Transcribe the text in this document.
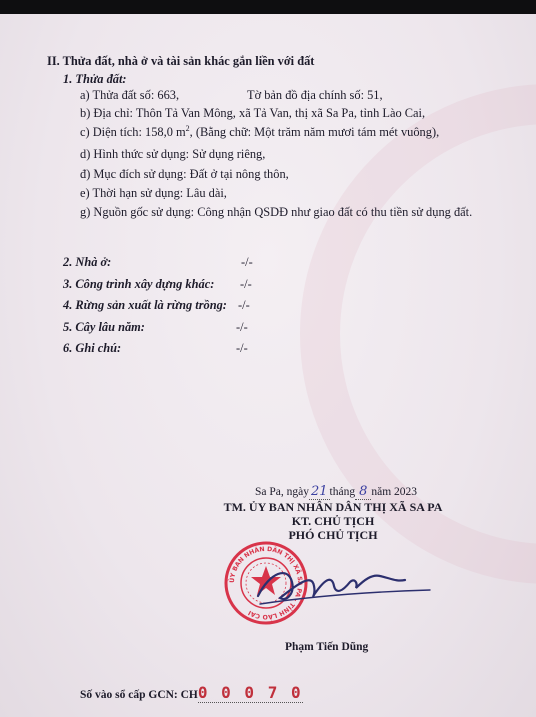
II. Thửa đất, nhà ở và tài sản khác gắn liền với đất
1. Thửa đất:
a) Thửa đất số: 663,	Tờ bản đồ địa chính số: 51,
b) Địa chỉ: Thôn Tả Van Mông, xã Tả Van, thị xã Sa Pa, tỉnh Lào Cai,
c) Diện tích: 158,0 $m^2$, (Bằng chữ: Một trăm năm mươi tám mét vuông),
d) Hình thức sử dụng: Sử dụng riêng,
đ) Mục đích sử dụng: Đất ở tại nông thôn,
e) Thời hạn sử dụng: Lâu dài,
g) Nguồn gốc sử dụng: Công nhận QSDĐ như giao đất có thu tiền sử dụng đất.
2. Nhà ở:	-/-
3. Công trình xây dựng khác: -/-
4. Rừng sản xuất là rừng trồng: -/-
5. Cây lâu năm:	-/-
6. Ghi chú:	-/-
Sa Pa, ngày 21 tháng 8 năm 2023
TM. ỦY BAN NHÂN DÂN THỊ XÃ SA PA
KT. CHỦ TỊCH
PHÓ CHỦ TỊCH
ỦY BAN NHÂN DÂN THỊ XÃ SA PA · TỈNH LÀO CAI
Phạm Tiến Dũng
Số vào sổ cấp GCN: CH0 0 0 7 0
